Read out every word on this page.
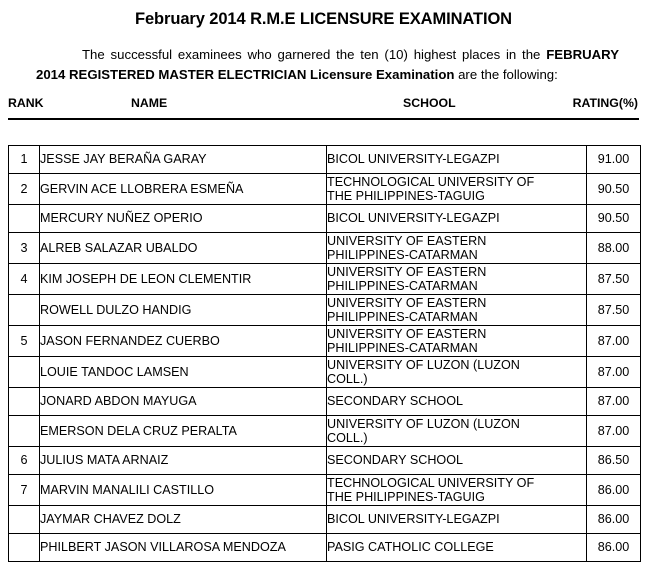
February 2014 R.M.E LICENSURE EXAMINATION

The successful examinees who garnered the ten (10) highest places in the FEBRUARY 2014 REGISTERED MASTER ELECTRICIAN Licensure Examination are the following:

RANK	NAME	SCHOOL	RATING(%)
1	JESSE JAY BERAÑA GARAY	BICOL UNIVERSITY-LEGAZPI	91.00
2	GERVIN ACE LLOBRERA ESMEÑA	TECHNOLOGICAL UNIVERSITY OF
THE PHILIPPINES-TAGUIG	90.50
	MERCURY NUÑEZ OPERIO	BICOL UNIVERSITY-LEGAZPI	90.50
3	ALREB SALAZAR UBALDO	UNIVERSITY OF EASTERN
PHILIPPINES-CATARMAN	88.00
4	KIM JOSEPH DE LEON CLEMENTIR	UNIVERSITY OF EASTERN
PHILIPPINES-CATARMAN	87.50
	ROWELL DULZO HANDIG	UNIVERSITY OF EASTERN
PHILIPPINES-CATARMAN	87.50
5	JASON FERNANDEZ CUERBO	UNIVERSITY OF EASTERN
PHILIPPINES-CATARMAN	87.00
	LOUIE TANDOC LAMSEN	UNIVERSITY OF LUZON (LUZON
COLL.)	87.00
	JONARD ABDON MAYUGA	SECONDARY SCHOOL	87.00
	EMERSON DELA CRUZ PERALTA	UNIVERSITY OF LUZON (LUZON
COLL.)	87.00
6	JULIUS MATA ARNAIZ	SECONDARY SCHOOL	86.50
7	MARVIN MANALILI CASTILLO	TECHNOLOGICAL UNIVERSITY OF
THE PHILIPPINES-TAGUIG	86.00
	JAYMAR CHAVEZ DOLZ	BICOL UNIVERSITY-LEGAZPI	86.00
	PHILBERT JASON VILLAROSA MENDOZA	PASIG CATHOLIC COLLEGE	86.00
